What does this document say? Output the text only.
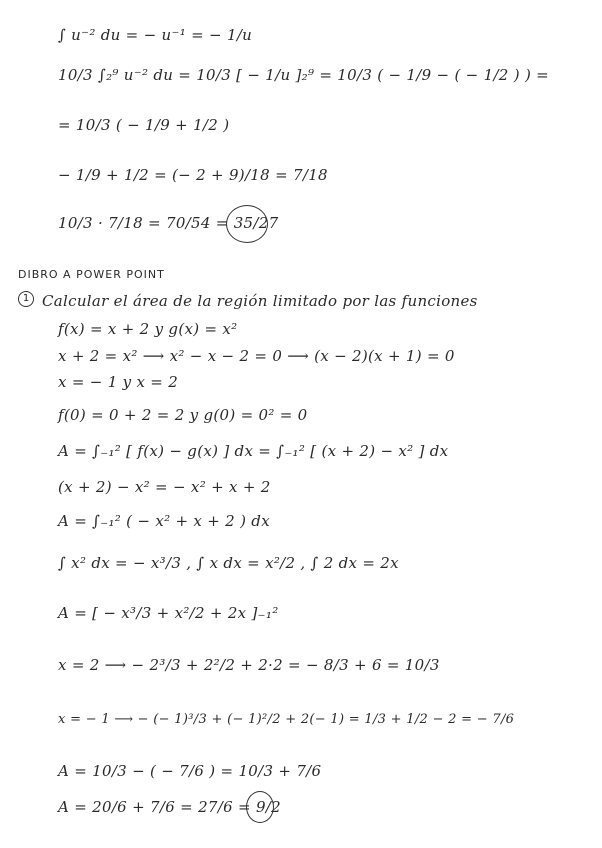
∫ u⁻² du = − u⁻¹ = − 1/u
10/3 ∫₂⁹ u⁻² du = 10/3 [ − 1/u ]₂⁹ = 10/3 ( − 1/9 − ( − 1/2 ) ) =
= 10/3 ( − 1/9 + 1/2 )
− 1/9 + 1/2 = (− 2 + 9)/18 = 7/18
10/3 · 7/18 = 70/54 = 35/27
DIBRO A POWER POINT
1 Calcular el área de la región limitado por las funciones
f(x) = x + 2 y g(x) = x²
x + 2 = x² ⟶ x² − x − 2 = 0 ⟶ (x − 2)(x + 1) = 0
x = − 1 y x = 2
f(0) = 0 + 2 = 2 y g(0) = 0² = 0
A = ∫₋₁² [ f(x) − g(x) ] dx = ∫₋₁² [ (x + 2) − x² ] dx
(x + 2) − x² = − x² + x + 2
A = ∫₋₁² ( − x² + x + 2 ) dx
∫ x² dx = − x³/3 , ∫ x dx = x²/2 , ∫ 2 dx = 2x
A = [ − x³/3 + x²/2 + 2x ]₋₁²
x = 2 ⟶ − 2³/3 + 2²/2 + 2·2 = − 8/3 + 6 = 10/3
x = − 1 ⟶ − (− 1)³/3 + (− 1)²/2 + 2(− 1) = 1/3 + 1/2 − 2 = − 7/6
A = 10/3 − ( − 7/6 ) = 10/3 + 7/6
A = 20/6 + 7/6 = 27/6 = 9/2
